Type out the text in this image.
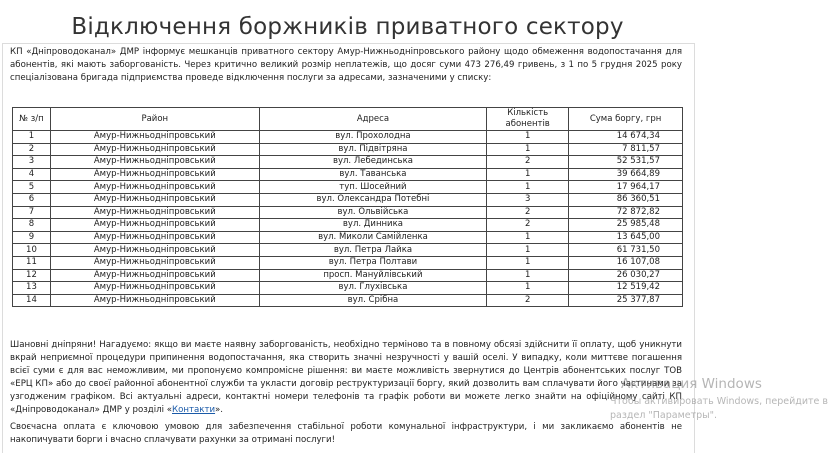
Відключення боржників приватного сектору
КП «Дніпроводоканал» ДМР інформує мешканців приватного сектору Амур-Нижньодніпровського району щодо обмеження водопостачання для абонентів, які мають заборгованість. Через критично великий розмір неплатежів, що досяг суми 473 276,49 гривень, з 1 по 5 грудня 2025 року спеціалізована бригада підприємства проведе відключення послуги за адресами, зазначеними у списку:
№ з/п	Район	Адреса	Кількість абонентів	Сума боргу, грн
1	Амур-Нижньодніпровський	вул. Прохолодна	1	14 674,34
2	Амур-Нижньодніпровський	вул. Підвітряна	1	7 811,57
3	Амур-Нижньодніпровський	вул. Лебединська	2	52 531,57
4	Амур-Нижньодніпровський	вул. Таванська	1	39 664,89
5	Амур-Нижньодніпровський	туп. Шосейний	1	17 964,17
6	Амур-Нижньодніпровський	вул. Олександра Потебні	3	86 360,51
7	Амур-Нижньодніпровський	вул. Ольвійська	2	72 872,82
8	Амур-Нижньодніпровський	вул. Динника	2	25 985,48
9	Амур-Нижньодніпровський	вул. Миколи Самійленка	1	13 645,00
10	Амур-Нижньодніпровський	вул. Петра Лайка	1	61 731,50
11	Амур-Нижньодніпровський	вул. Петра Полтави	1	16 107,08
12	Амур-Нижньодніпровський	просп. Мануйлівський	1	26 030,27
13	Амур-Нижньодніпровський	вул. Глухівська	1	12 519,42
14	Амур-Нижньодніпровський	вул. Срібна	2	25 377,87
Шановні дніпряни! Нагадуємо: якщо ви маєте наявну заборгованість, необхідно терміново та в повному обсязі здійснити її оплату, щоб уникнути вкрай неприємної процедури припинення водопостачання, яка створить значні незручності у вашій оселі. У випадку, коли миттєве погашення всієї суми є для вас неможливим, ми пропонуємо компромісне рішення: ви маєте можливість звернутися до Центрів абонентських послуг ТОВ «ЕРЦ КП» або до своєї районної абонентної служби та укласти договір реструктуризації боргу, який дозволить вам сплачувати його частинами за узгодженим графіком. Всі актуальні адреси, контактні номери телефонів та графік роботи ви можете легко знайти на офіційному сайті КП «Дніпроводоканал» ДМР у розділі «Контакти».
Своєчасна оплата є ключовою умовою для забезпечення стабільної роботи комунальної інфраструктури, і ми закликаємо абонентів не накопичувати борги і вчасно сплачувати рахунки за отримані послуги!
Активация Windows
Чтобы активировать Windows, перейдите в
раздел "Параметры".
